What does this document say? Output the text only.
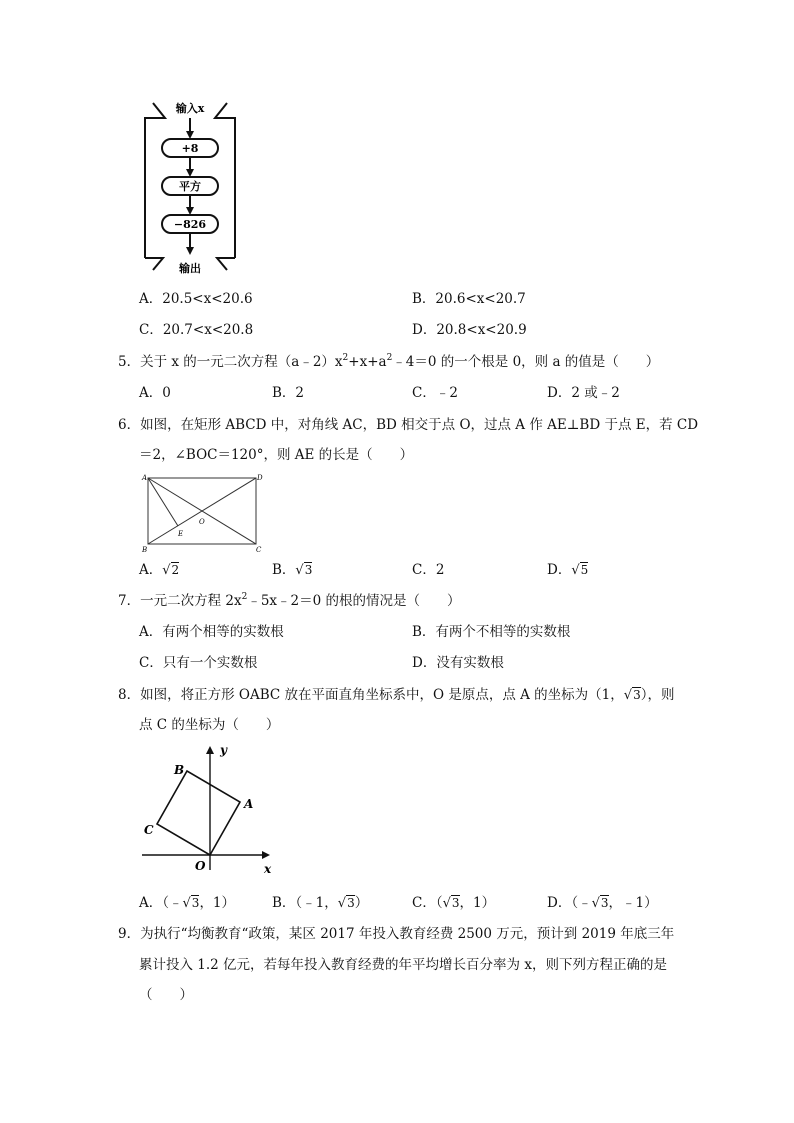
输入x
+8
平方
−826
输出
A．20.5<x<20.6	B．20.6<x<20.7
C．20.7<x<20.8	D．20.8<x<20.9
5．关于 x 的一元二次方程$(a﹣2)x^2+x+a^2﹣4=0$ 的一个根是 0，则 a 的值是（　　）
A．0	B．2	C．﹣2	D．2 或﹣2
6．如图，在矩形 ABCD 中，对角线 AC，BD 相交于点 O，过点 A 作 AE⊥BD 于点 E，若 CD
＝2，∠BOC＝120°，则 AE 的长是（　　）
A	D
B	C
E
O
A．√2	B．√3	C．2	D．√5
7．一元二次方程 $2x^2﹣5x﹣2=0$ 的根的情况是（　　）
A．有两个相等的实数根	B．有两个不相等的实数根
C．只有一个实数根	D．没有实数根
8．如图，将正方形 OABC 放在平面直角坐标系中，O 是原点，点 A 的坐标为（1，√3），则
点 C 的坐标为（　　）
y
x
O
A
B
C
A．（﹣√3，1）	B．（﹣1，√3）	C．（√3，1）	D．（﹣√3，﹣1）
9．为执行“均衡教育“政策，某区 2017 年投入教育经费 2500 万元，预计到 2019 年底三年
累计投入 1.2 亿元，若每年投入教育经费的年平均增长百分率为 x，则下列方程正确的是
（　　）
